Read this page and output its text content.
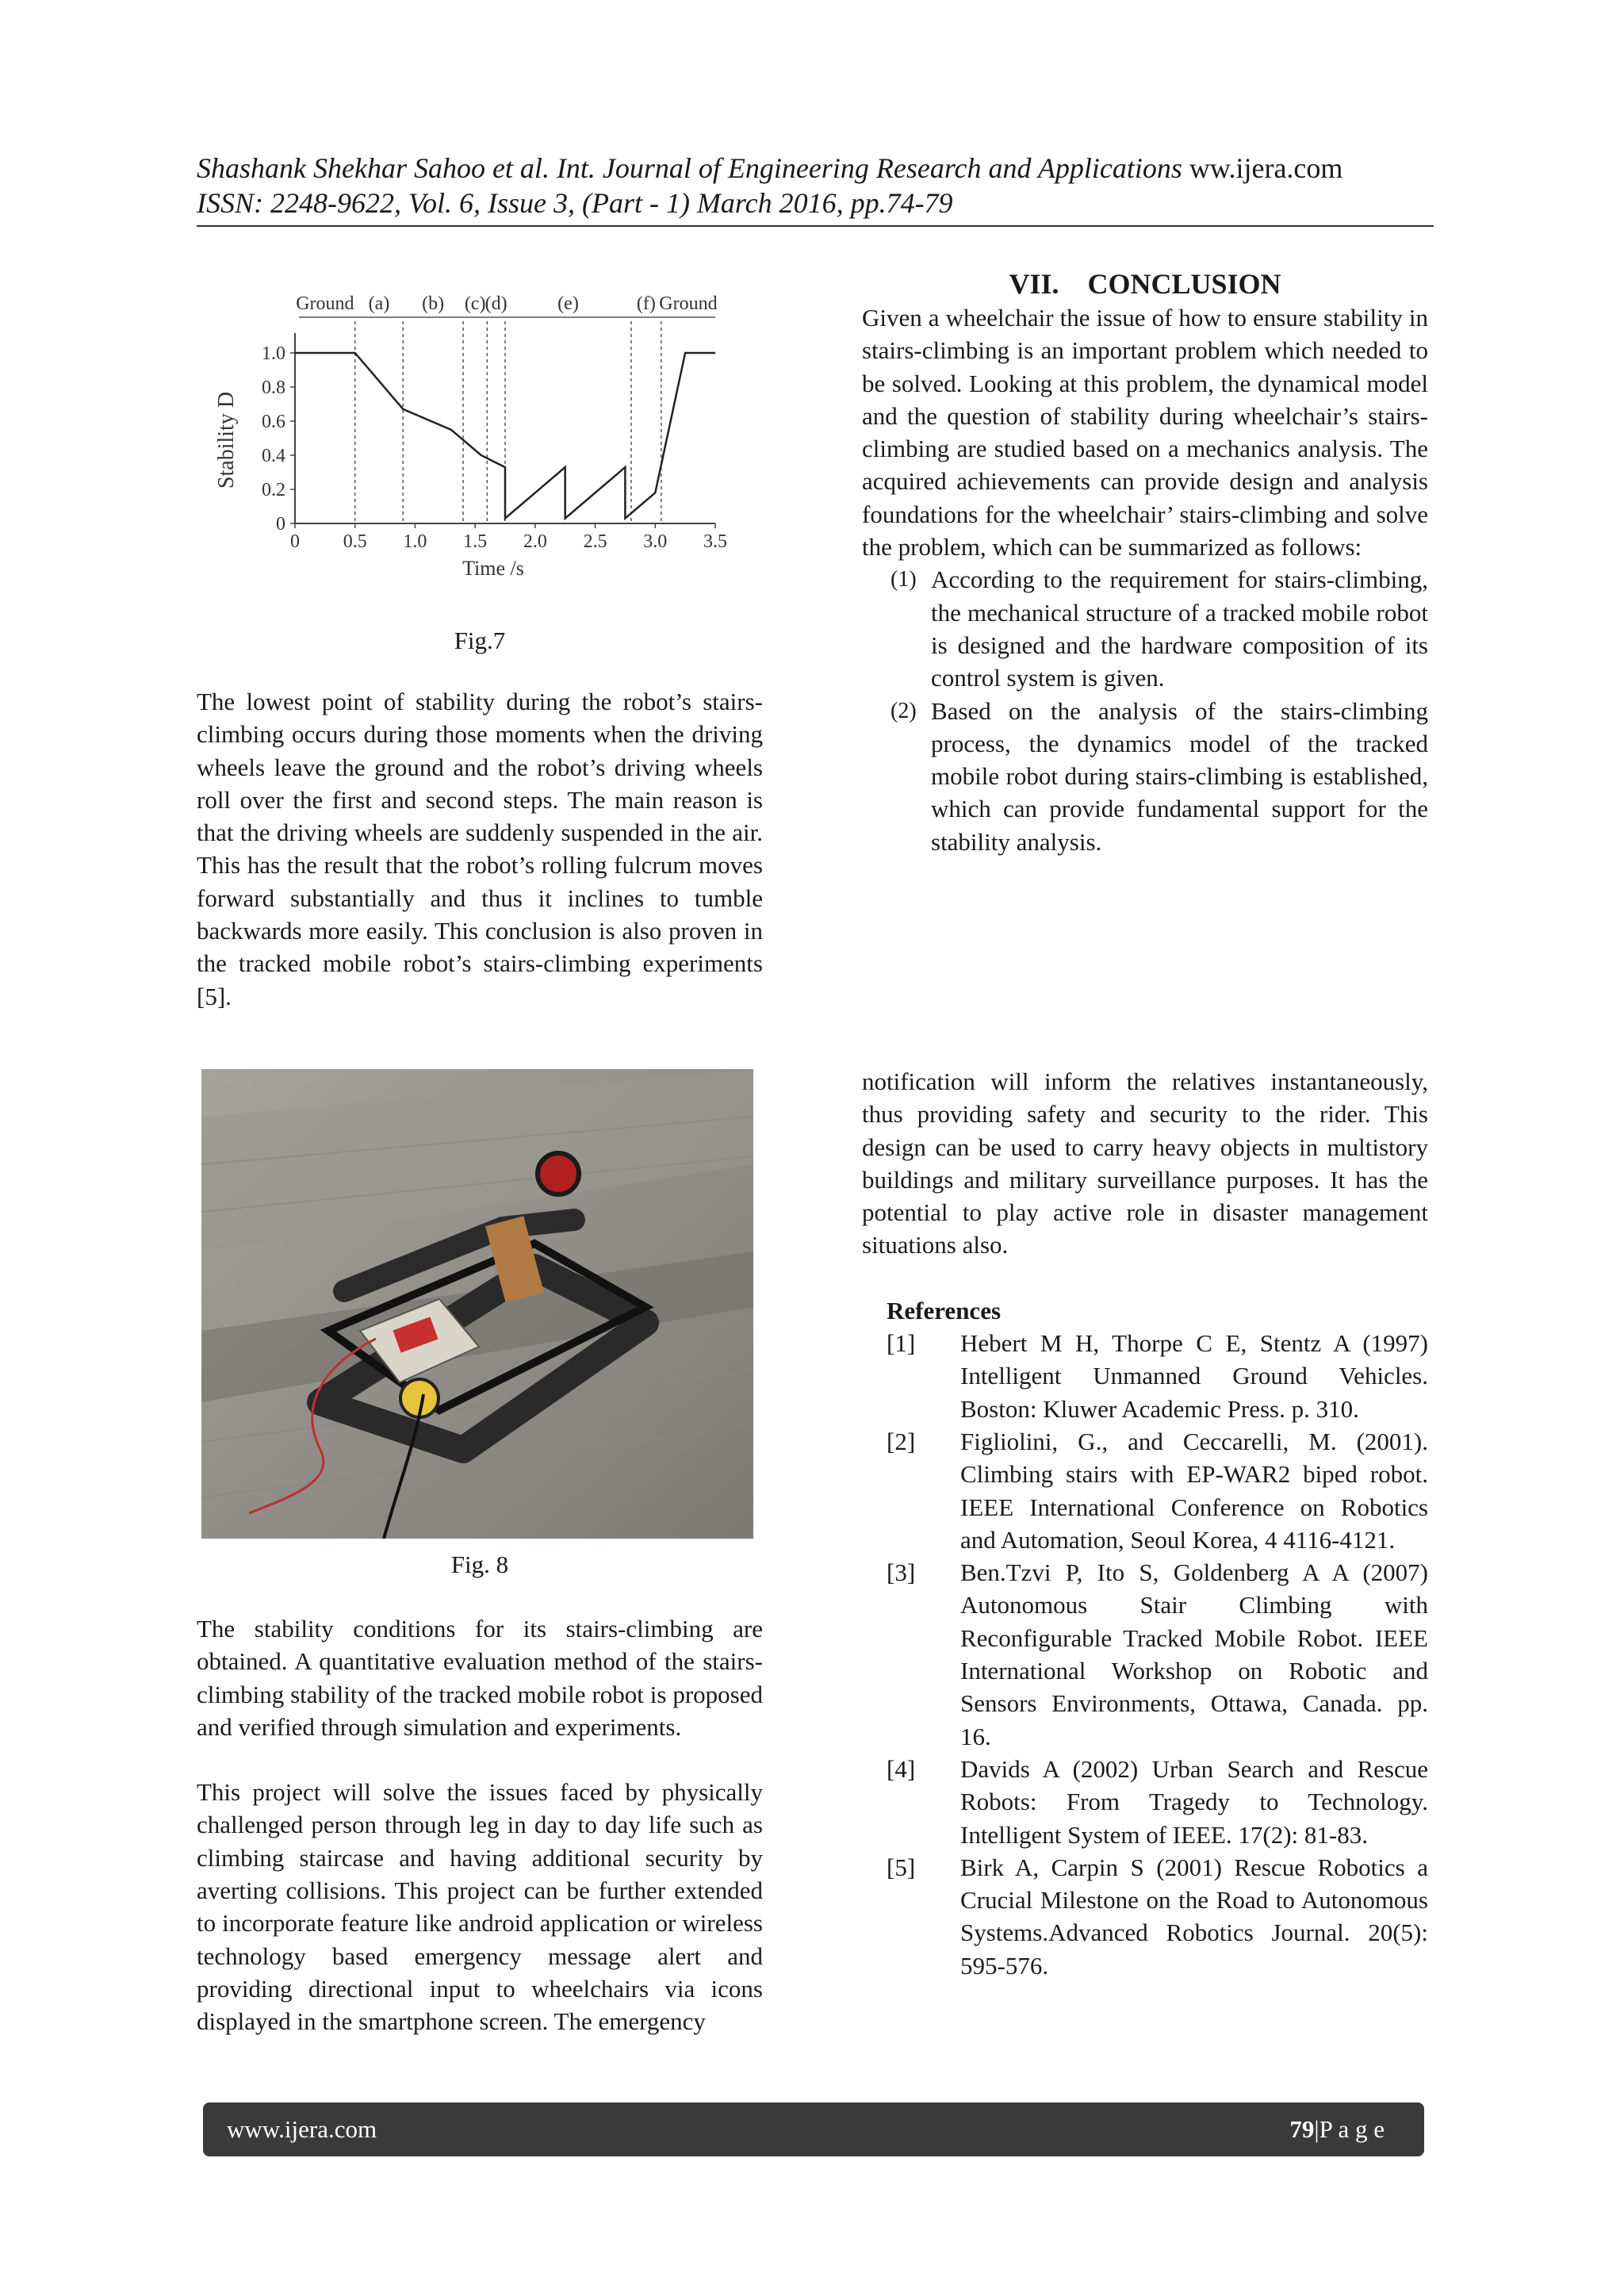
Shashank Shekhar Sahoo et al. Int. Journal of Engineering Research and Applications ww.ijera.com
ISSN: 2248-9622, Vol. 6, Issue 3, (Part - 1) March 2016, pp.74-79
Ground (a) (b) (c) (d)	(e)	(f) Ground
1.0
0.8
0.6
0.4
0.2
0
0 0.5 1.0 1.5 2.0 2.5 3.0 3.5
Stability D
Time /s
Fig.7

The lowest point of stability during the robot’s stairs-climbing occurs during those moments when the driving wheels leave the ground and the robot’s driving wheels roll over the first and second steps. The main reason is that the driving wheels are suddenly suspended in the air. This has the result that the robot’s rolling fulcrum moves forward substantially and thus it inclines to tumble backwards more easily. This conclusion is also proven in the tracked mobile robot’s stairs-climbing experiments [5].

Fig. 8

The stability conditions for its stairs-climbing are obtained. A quantitative evaluation method of the stairs-climbing stability of the tracked mobile robot is proposed and verified through simulation and experiments.

This project will solve the issues faced by physically challenged person through leg in day to day life such as climbing staircase and having additional security by averting collisions. This project can be further extended to incorporate feature like android application or wireless technology based emergency message alert and providing directional input to wheelchairs via icons displayed in the smartphone screen. The emergency

VII. CONCLUSION

Given a wheelchair the issue of how to ensure stability in stairs-climbing is an important problem which needed to be solved. Looking at this problem, the dynamical model and the question of stability during wheelchair’s stairs-climbing are studied based on a mechanics analysis. The acquired achievements can provide design and analysis foundations for the wheelchair’ stairs-climbing and solve the problem, which can be summarized as follows:

(1) According to the requirement for stairs-climbing, the mechanical structure of a tracked mobile robot is designed and the hardware composition of its control system is given.
(2) Based on the analysis of the stairs-climbing process, the dynamics model of the tracked mobile robot during stairs-climbing is established, which can provide fundamental support for the stability analysis.

notification will inform the relatives instantaneously, thus providing safety and security to the rider. This design can be used to carry heavy objects in multistory buildings and military surveillance purposes. It has the potential to play active role in disaster management situations also.

References
[1] Hebert M H, Thorpe C E, Stentz A (1997) Intelligent Unmanned Ground Vehicles. Boston: Kluwer Academic Press. p. 310.
[2] Figliolini, G., and Ceccarelli, M. (2001). Climbing stairs with EP-WAR2 biped robot. IEEE International Conference on Robotics and Automation, Seoul Korea, 4 4116-4121.
[3] Ben.Tzvi P, Ito S, Goldenberg A A (2007) Autonomous Stair Climbing with Reconfigurable Tracked Mobile Robot. IEEE International Workshop on Robotic and Sensors Environments, Ottawa, Canada. pp. 16.
[4] Davids A (2002) Urban Search and Rescue Robots: From Tragedy to Technology. Intelligent System of IEEE. 17(2): 81-83.
[5] Birk A, Carpin S (2001) Rescue Robotics a Crucial Milestone on the Road to Autonomous Systems.Advanced Robotics Journal. 20(5): 595-576.
www.ijera.com	79|P a g e
